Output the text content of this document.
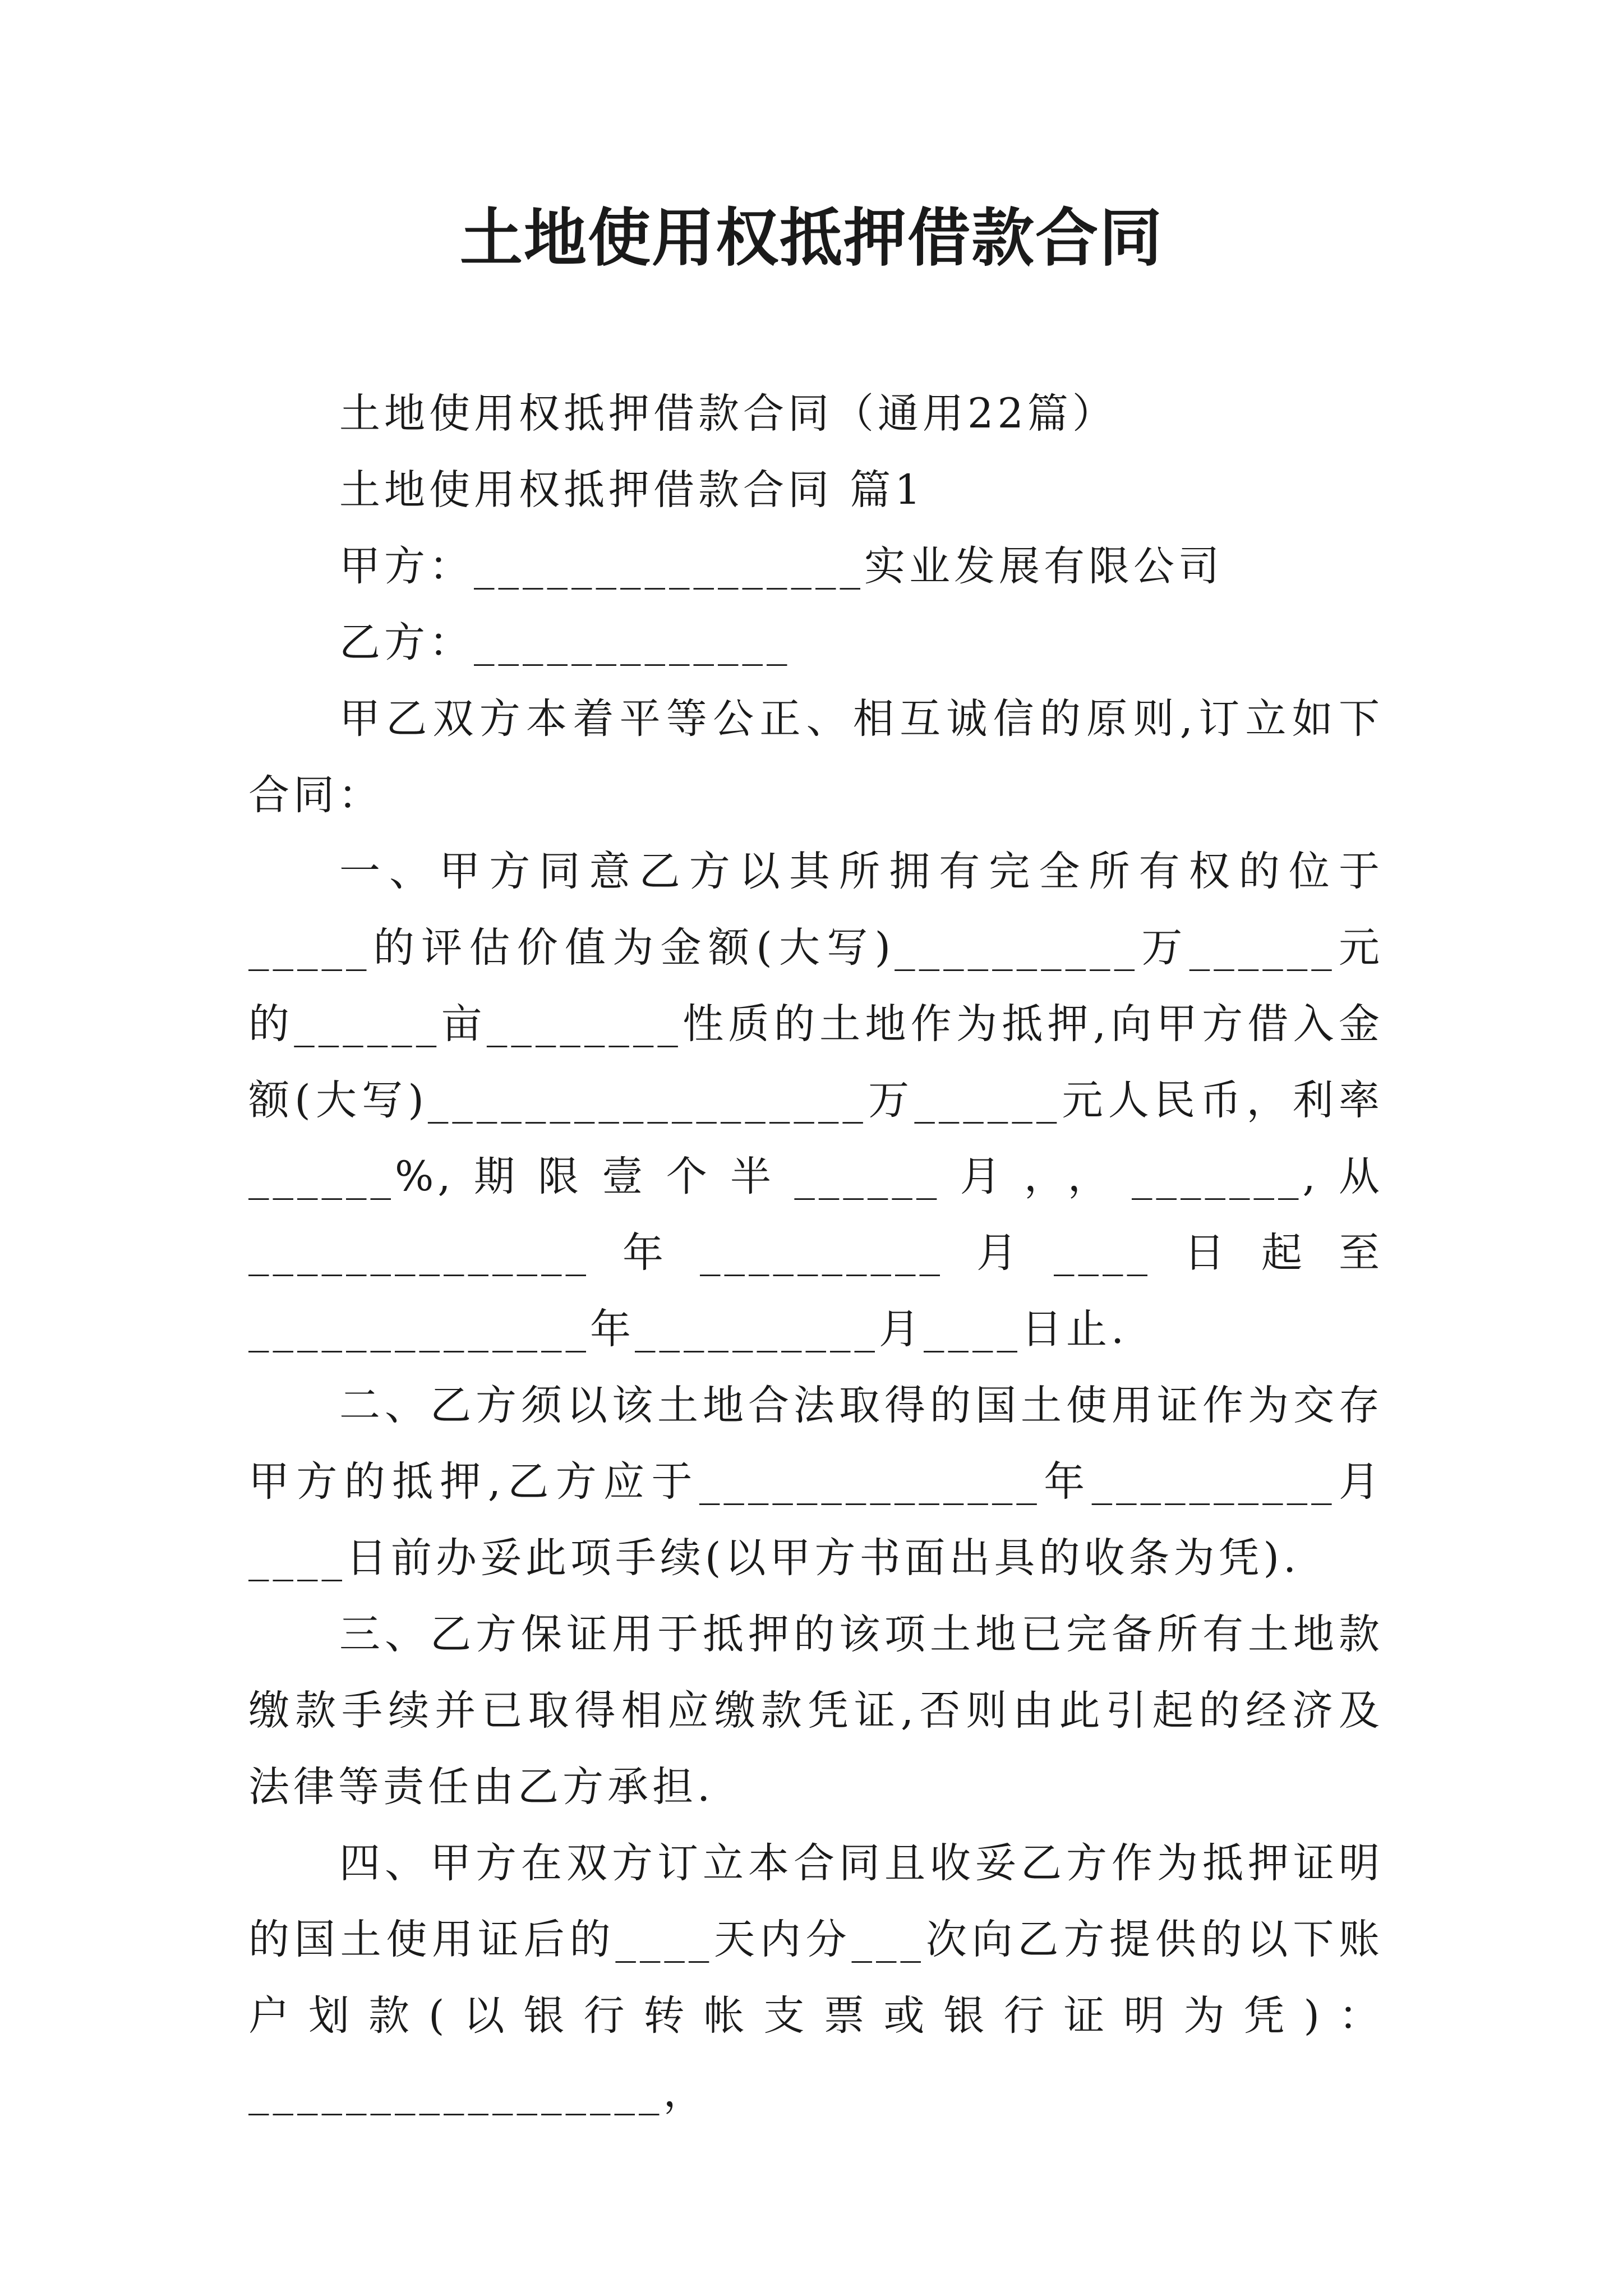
土地使用权抵押借款合同

土地使用权抵押借款合同（通用22篇）

土地使用权抵押借款合同 篇1

甲方：________________实业发展有限公司

乙方：_____________

甲乙双方本着平等公正、相互诚信的原则,订立如下合同：

一、甲方同意乙方以其所拥有完全所有权的位于_____的评估价值为金额(大写)__________万______元的______亩________性质的土地作为抵押,向甲方借入金额(大写)__________________万______元人民币，利率______%,期限壹个半______月，，_______,从______________年__________月____日起至______________年__________月____日止.

二、乙方须以该土地合法取得的国土使用证作为交存甲方的抵押,乙方应于______________年__________月____日前办妥此项手续(以甲方书面出具的收条为凭).

三、乙方保证用于抵押的该项土地已完备所有土地款缴款手续并已取得相应缴款凭证,否则由此引起的经济及法律等责任由乙方承担.

四、甲方在双方订立本合同且收妥乙方作为抵押证明的国土使用证后的____天内分___次向乙方提供的以下账户划款(以银行转帐支票或银行证明为凭)：_________________，
